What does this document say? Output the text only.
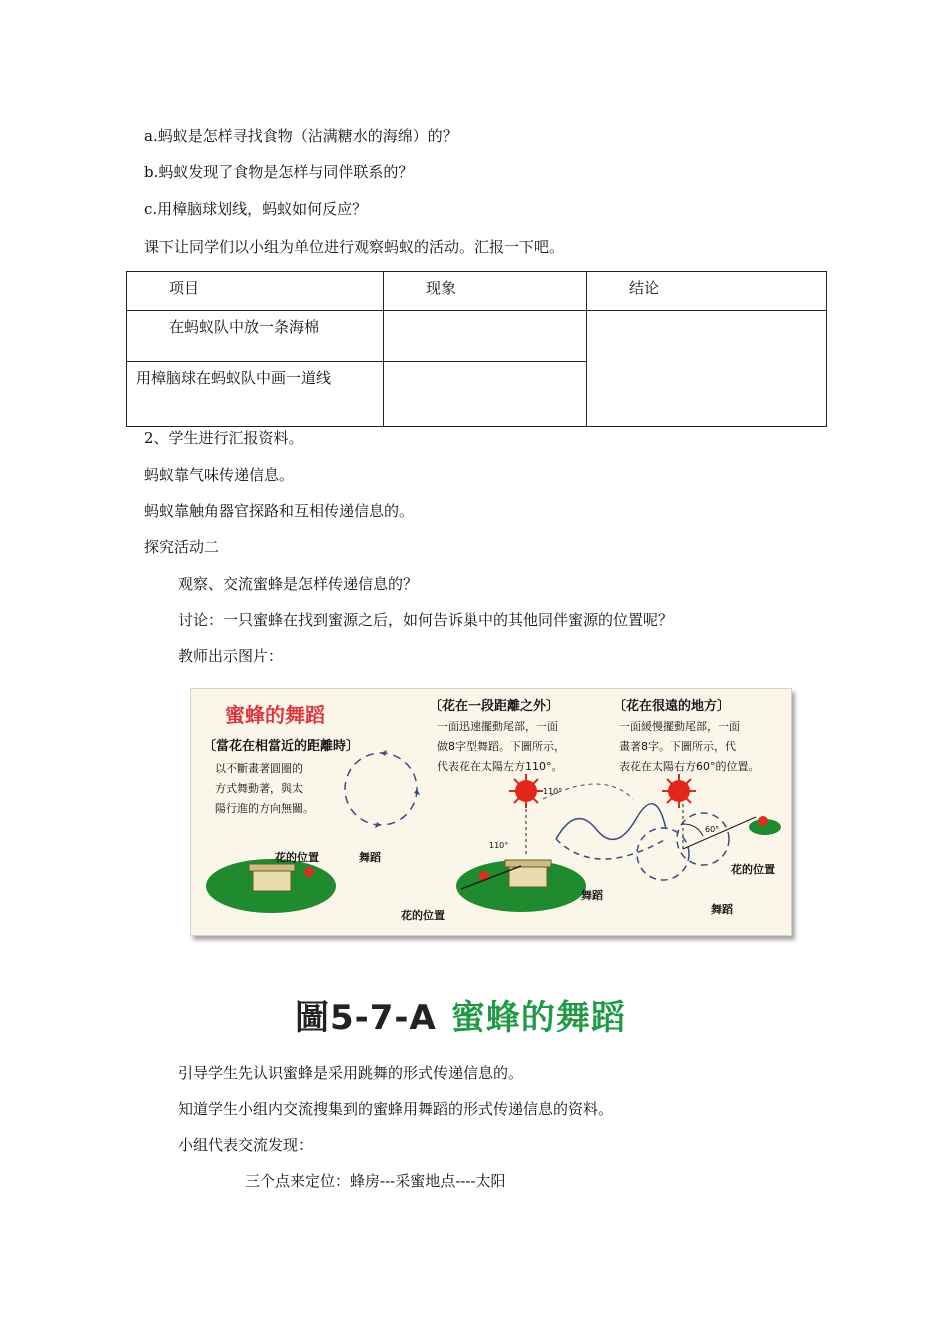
a.蚂蚁是怎样寻找食物（沾满糖水的海绵）的？
b.蚂蚁发现了食物是怎样与同伴联系的？
c.用樟脑球划线，蚂蚁如何反应？
课下让同学们以小组为单位进行观察蚂蚁的活动。汇报一下吧。
项目	现象	结论
在蚂蚁队中放一条海棉		
用樟脑球在蚂蚁队中画一道线		
2、学生进行汇报资料。
蚂蚁靠气味传递信息。
蚂蚁靠触角器官探路和互相传递信息的。
探究活动二
观察、交流蜜蜂是怎样传递信息的？
讨论：一只蜜蜂在找到蜜源之后，如何告诉巢中的其他同伴蜜源的位置呢？
教师出示图片：
蜜蜂的舞蹈
〔當花在相當近的距離時〕
以不斷畫著圓圈的
方式舞動著，與太
陽行進的方向無關。
花的位置	舞蹈
〔花在一段距離之外〕
一面迅速擺動尾部，一面
做8字型舞蹈。下圖所示，
代表花在太陽左方110°。
110°
110°
花的位置
舞蹈
〔花在很遠的地方〕
一面緩慢擺動尾部，一面
畫著8字。下圖所示，代
表花在太陽右方60°的位置。
60°
花的位置
舞蹈
圖5-7-A 蜜蜂的舞蹈
引导学生先认识蜜蜂是采用跳舞的形式传递信息的。
知道学生小组内交流搜集到的蜜蜂用舞蹈的形式传递信息的资料。
小组代表交流发现：
三个点来定位：蜂房---采蜜地点----太阳
